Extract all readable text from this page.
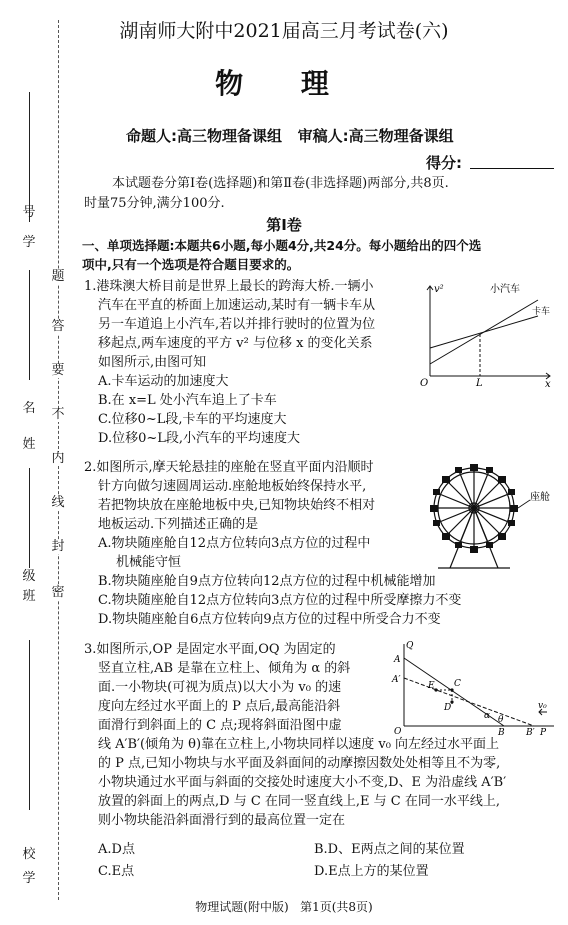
学
号
姓
名
班
级
学
校
题
答
要
不
内
线
封
密
湖南师大附中2021届高三月考试卷(六)
物 理
命题人:高三物理备课组   审稿人:高三物理备课组
得分:
本试题卷分第Ⅰ卷(选择题)和第Ⅱ卷(非选择题)两部分,共8页.
时量75分钟,满分100分.
第Ⅰ卷
一、单项选择题:本题共6小题,每小题4分,共24分。每小题给出的四个选
项中,只有一个选项是符合题目要求的。
1.港珠澳大桥目前是世界上最长的跨海大桥.一辆小
汽车在平直的桥面上加速运动,某时有一辆卡车从
另一车道追上小汽车,若以并排行驶时的位置为位
移起点,两车速度的平方 v² 与位移 x 的变化关系
如图所示,由图可知
A.卡车运动的加速度大
B.在 x=L 处小汽车追上了卡车
C.位移0~L段,卡车的平均速度大
D.位移0~L段,小汽车的平均速度大
v²
x
O	L
小汽车
卡车
2.如图所示,摩天轮悬挂的座舱在竖直平面内沿顺时
针方向做匀速圆周运动.座舱地板始终保持水平,
若把物块放在座舱地板中央,已知物块始终不相对
地板运动.下列描述正确的是
A.物块随座舱自12点方位转向3点方位的过程中
机械能守恒
B.物块随座舱自9点方位转向12点方位的过程中机械能增加
C.物块随座舱自12点方位转向3点方位的过程中所受摩擦力不变
D.物块随座舱自6点方位转向9点方位的过程中所受合力不变
座舱
3.如图所示,OP 是固定水平面,OQ 为固定的
竖直立柱,AB 是靠在立柱上、倾角为 α 的斜
面.一小物块(可视为质点)以大小为 v₀ 的速
度向左经过水平面上的 P 点后,最高能沿斜
面滑行到斜面上的 C 点;现将斜面沿图中虚
线 A′B′(倾角为 θ)靠在立柱上,小物块同样以速度 v₀ 向左经过水平面上
的 P 点,已知小物块与水平面及斜面间的动摩擦因数处处相等且不为零,
小物块通过水平面与斜面的交接处时速度大小不变,D、E 为沿虚线 A′B′
放置的斜面上的两点,D 与 C 在同一竖直线上,E 与 C 在同一水平线上,
则小物块能沿斜面滑行到的最高位置一定在
A.D点	B.D、E两点之间的某位置
C.E点	D.E点上方的某位置
Q
A
A′
O
C
D
E
θ
α
B′
B
v₀
P
物理试题(附中版)   第1页(共8页)
